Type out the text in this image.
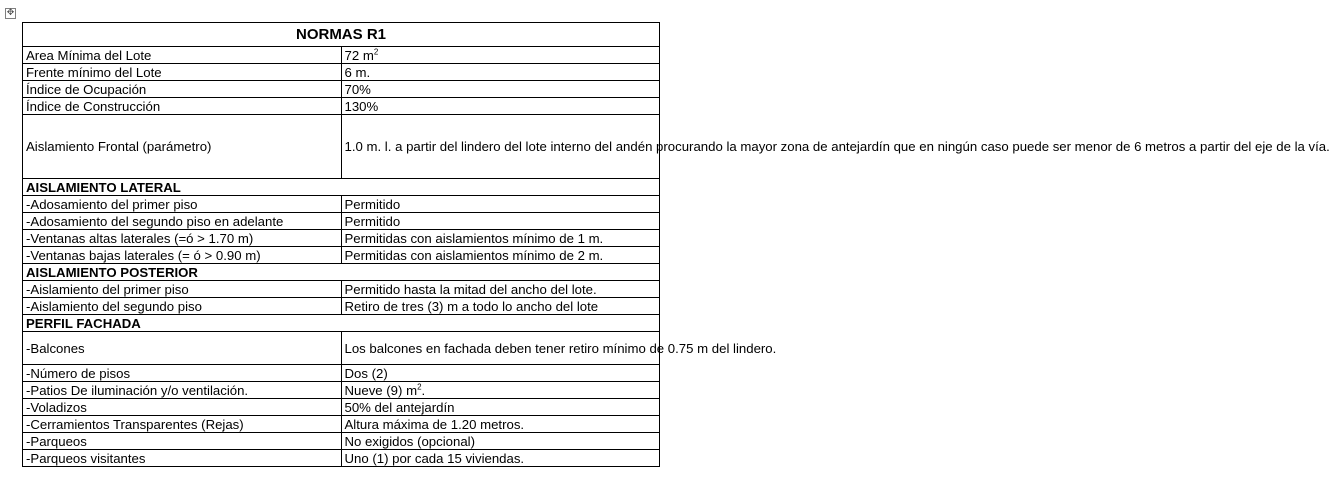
✥
NORMAS R1	
Area Mínima del Lote	72 $m^2$
Frente mínimo del Lote	6 m.
Índice de Ocupación	70%
Índice de Construcción	130%
Aislamiento Frontal (parámetro)	1.0 m. l. a partir del lindero del lote interno del andén procurando la mayor zona de antejardín que en ningún caso puede ser menor de 6 metros a partir del eje de la vía.
AISLAMIENTO LATERAL	
-Adosamiento del primer piso	Permitido
-Adosamiento del segundo piso en adelante	Permitido
-Ventanas altas laterales (=ó > 1.70 m)	Permitidas con aislamientos mínimo de 1 m.
-Ventanas bajas laterales (= ó > 0.90 m)	Permitidas con aislamientos mínimo de 2 m.
AISLAMIENTO POSTERIOR	
-Aislamiento del primer piso	Permitido hasta la mitad del ancho del lote.
-Aislamiento del segundo piso	Retiro de tres (3) m a todo lo ancho del lote
PERFIL FACHADA	
-Balcones	Los balcones en fachada deben tener retiro mínimo de 0.75 m del lindero.
-Número de pisos	Dos (2)
-Patios De iluminación y/o ventilación.	Nueve (9) $m^2$.
-Voladizos	50% del antejardín
-Cerramientos Transparentes (Rejas)	Altura máxima de 1.20 metros.
-Parqueos	No exigidos (opcional)
-Parqueos visitantes	Uno (1) por cada 15 viviendas.
